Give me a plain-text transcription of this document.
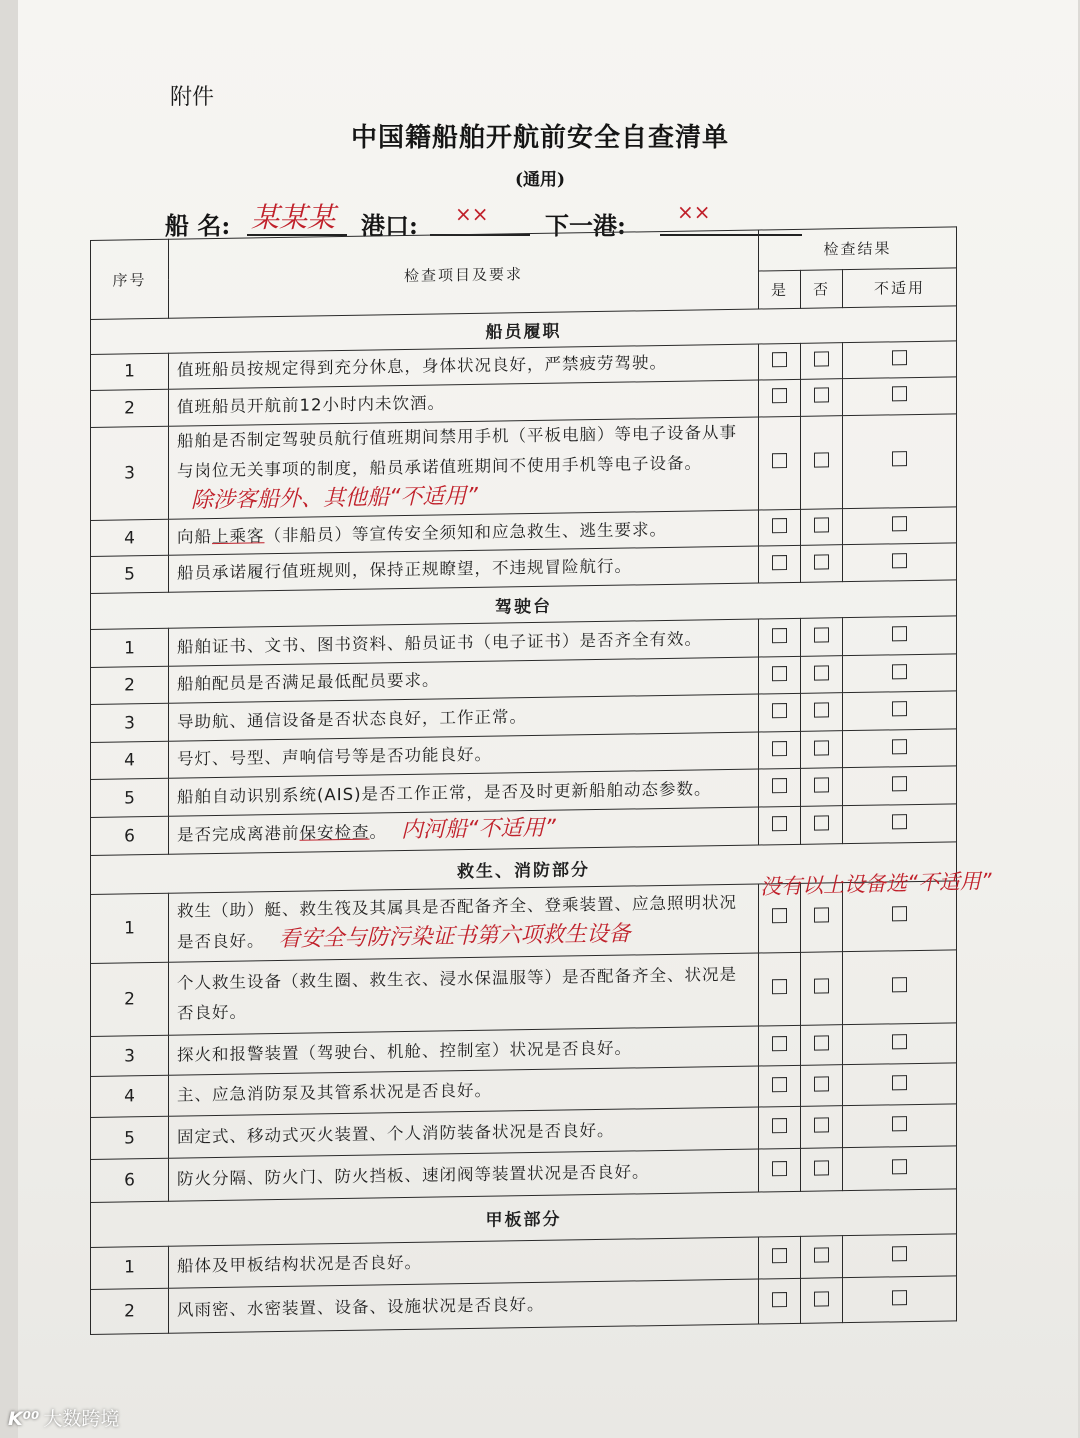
附件
中国籍船舶开航前安全自查清单
(通用)
船 名: 某某某 港口: ×× 下一港:	××
序号	检查项目及要求	检查结果		
		是	否	不适用
船员履职				
1	值班船员按规定得到充分休息，身体状况良好，严禁疲劳驾驶。			
2	值班船员开航前12小时内未饮酒。			
3	船舶是否制定驾驶员航行值班期间禁用手机（平板电脑）等电子设备从事与岗位无关事项的制度，船员承诺值班期间不使用手机等电子设备。除涉客船外、其他船“不适用”			
4	向船上乘客（非船员）等宣传安全须知和应急救生、逃生要求。			
5	船员承诺履行值班规则，保持正规瞭望，不违规冒险航行。			
驾驶台				
1	船舶证书、文书、图书资料、船员证书（电子证书）是否齐全有效。			
2	船舶配员是否满足最低配员要求。			
3	导助航、通信设备是否状态良好，工作正常。			
4	号灯、号型、声响信号等是否功能良好。			
5	船舶自动识别系统(AIS)是否工作正常，是否及时更新船舶动态参数。			
6	是否完成离港前保安检查。 内河船“不适用”			
救生、消防部分				
1	救生（助）艇、救生筏及其属具是否配备齐全、登乘装置、应急照明状况是否良好。 看安全与防污染证书第六项救生设备			
2	个人救生设备（救生圈、救生衣、浸水保温服等）是否配备齐全、状况是否良好。			
3	探火和报警装置（驾驶台、机舱、控制室）状况是否良好。			
4	主、应急消防泵及其管系状况是否良好。			
5	固定式、移动式灭火装置、个人消防装备状况是否良好。			
6	防火分隔、防火门、防火挡板、速闭阀等装置状况是否良好。			
甲板部分				
1	船体及甲板结构状况是否良好。			
2	风雨密、水密装置、设备、设施状况是否良好。			
没有以上设备选“不适用”
K⁰⁰ 大数跨境
